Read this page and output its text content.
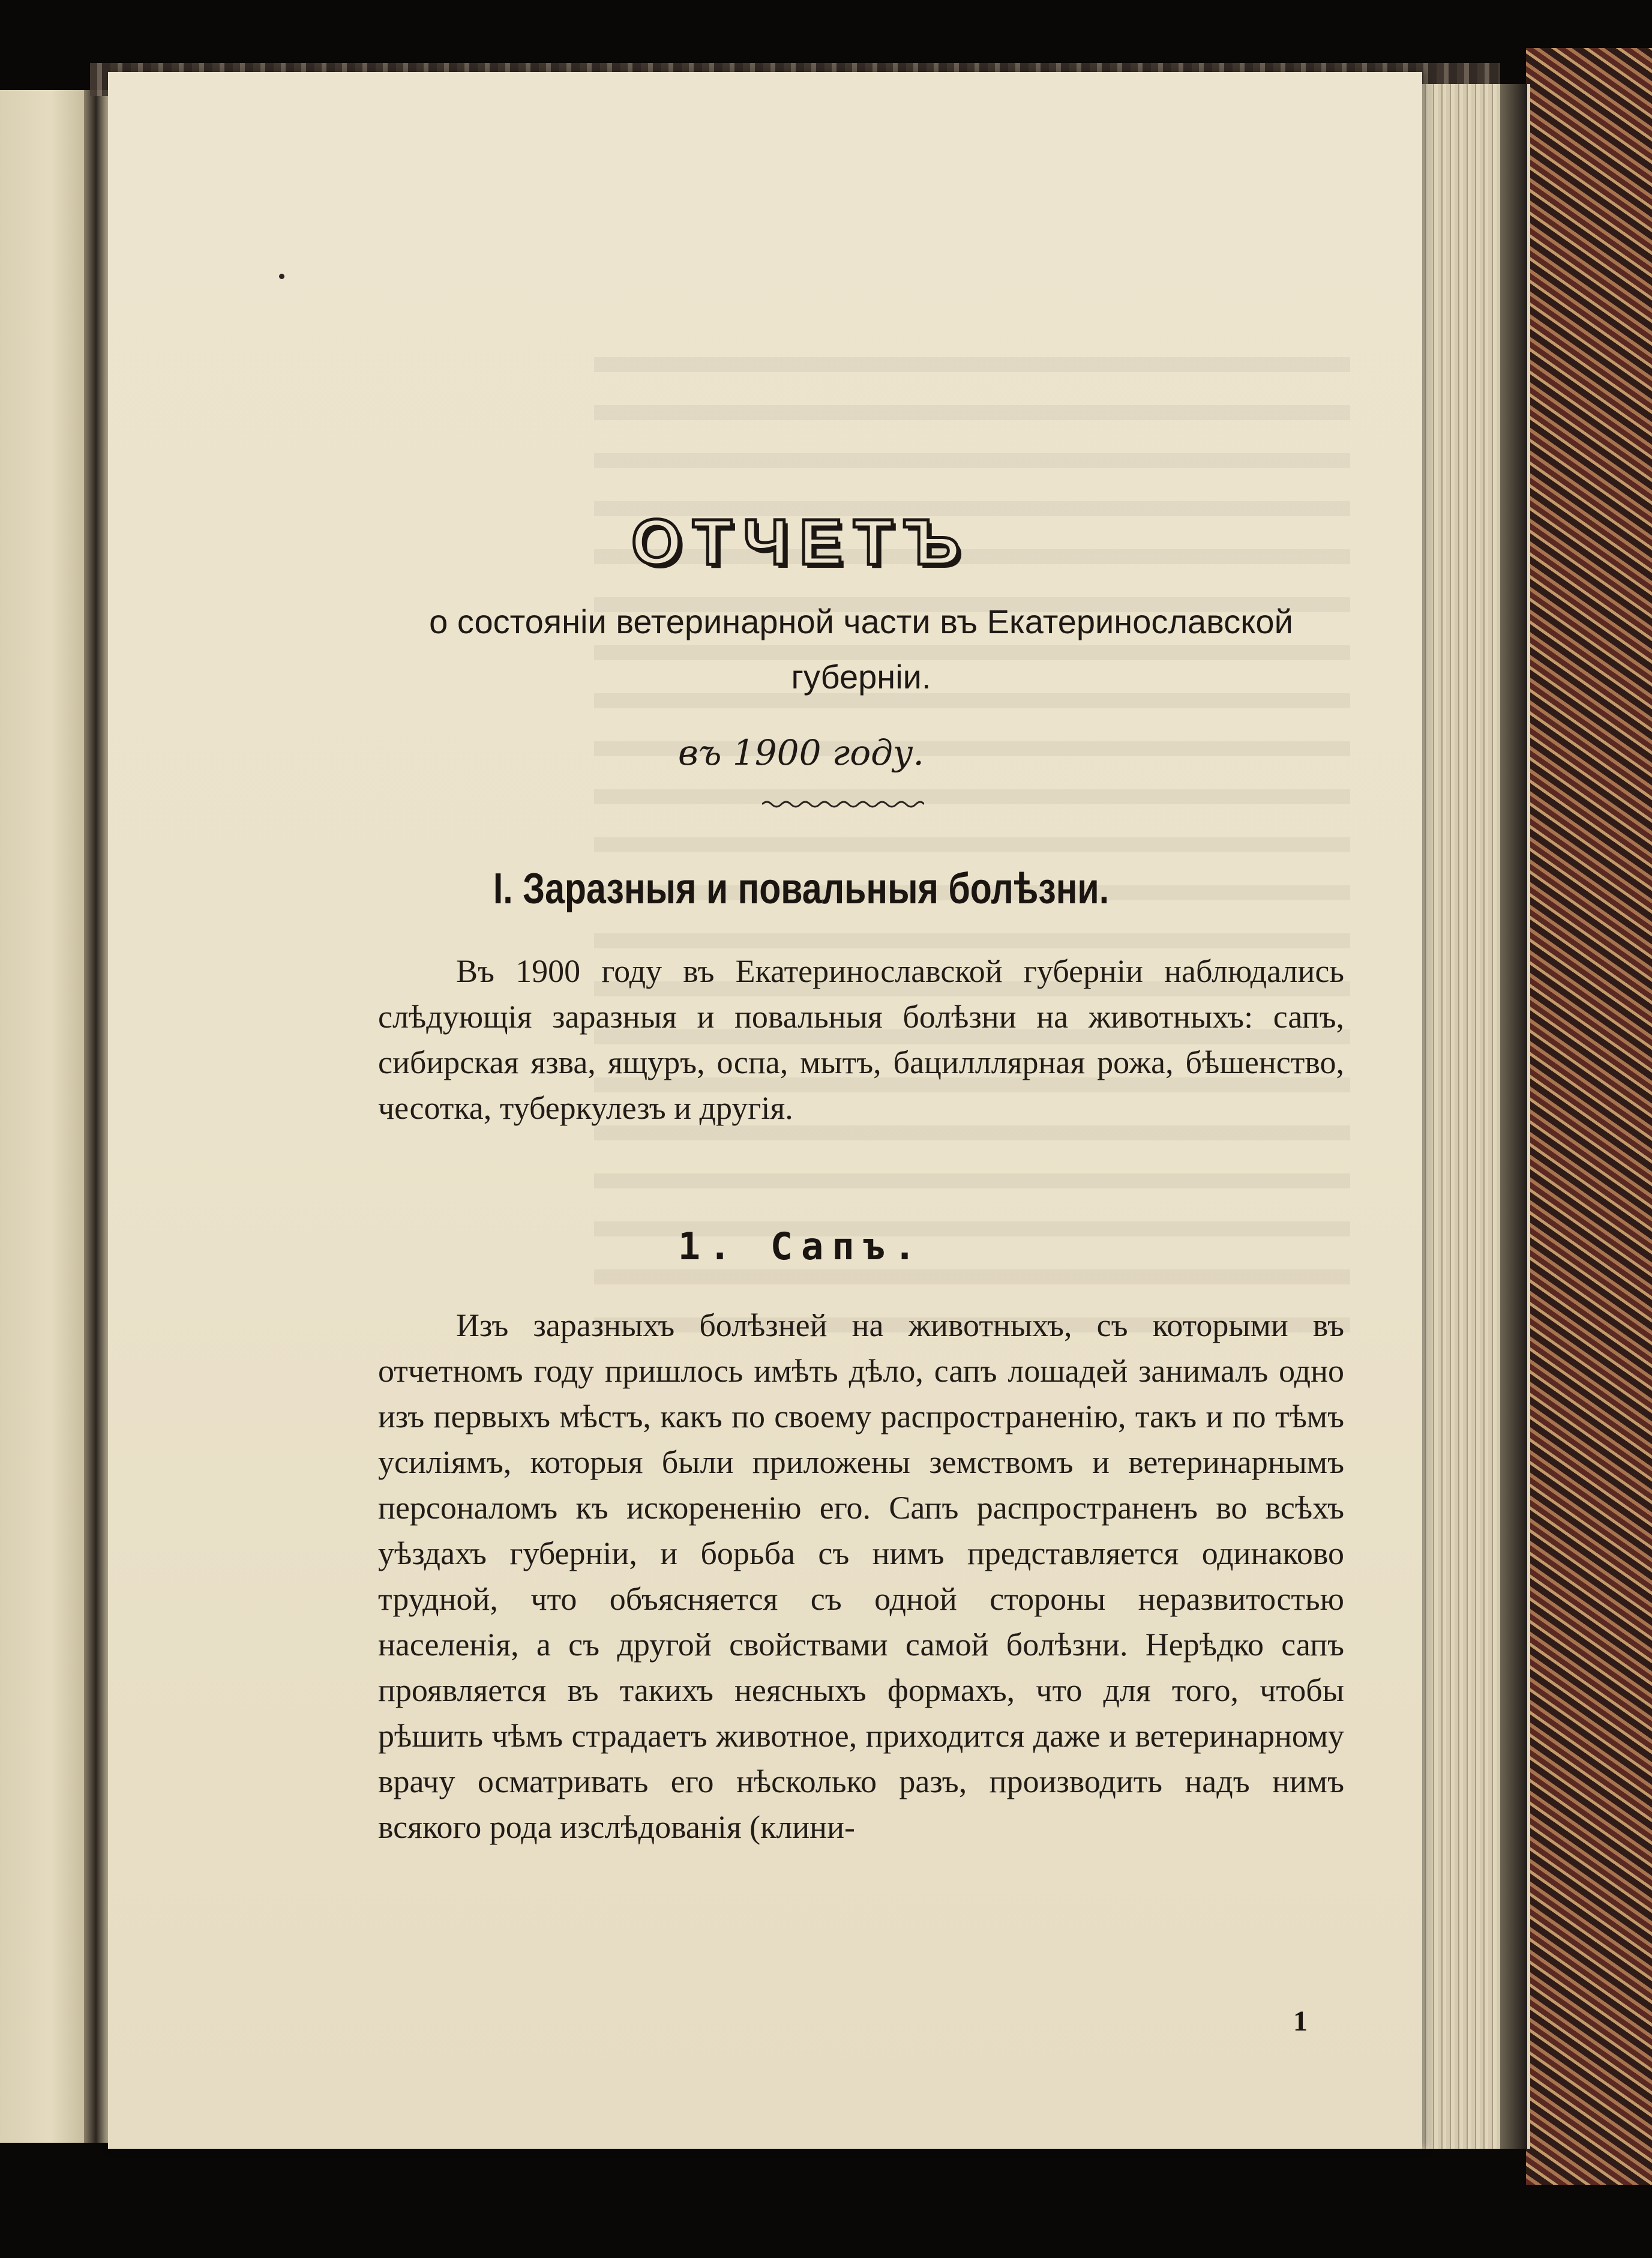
ОТЧЕТЪ
о состоянiи ветеринарной части въ Екатеринославской губернiи.
въ 1900 году.
I. Заразныя и повальныя болѣзни.

Въ 1900 году въ Екатеринославской губернiи наблюдались слѣдующiя заразныя и повальныя болѣзни на животныхъ: сапъ, сибирская язва, ящуръ, оспа, мытъ, бацилллярная рожа, бѣшенство, чесотка, туберкулезъ и другiя.

1. Сапъ.

Изъ заразныхъ болѣзней на животныхъ, съ которыми въ отчетномъ году пришлось имѣть дѣло, сапъ лошадей занималъ одно изъ первыхъ мѣстъ, какъ по своему распространенiю, такъ и по тѣмъ усилiямъ, которыя были приложены земствомъ и ветеринарнымъ персоналомъ къ искорененiю его. Сапъ распространенъ во всѣхъ уѣздахъ губернiи, и борьба съ нимъ представляется одинаково трудной, что объясняется съ одной стороны неразвитостью населенiя, а съ другой свойствами самой болѣзни. Нерѣдко сапъ проявляется въ такихъ неясныхъ формахъ, что для того, чтобы рѣшить чѣмъ страдаетъ животное, приходится даже и ветеринарному врачу осматривать его нѣсколько разъ, производить надъ нимъ всякого рода изслѣдованiя (клини-

1
